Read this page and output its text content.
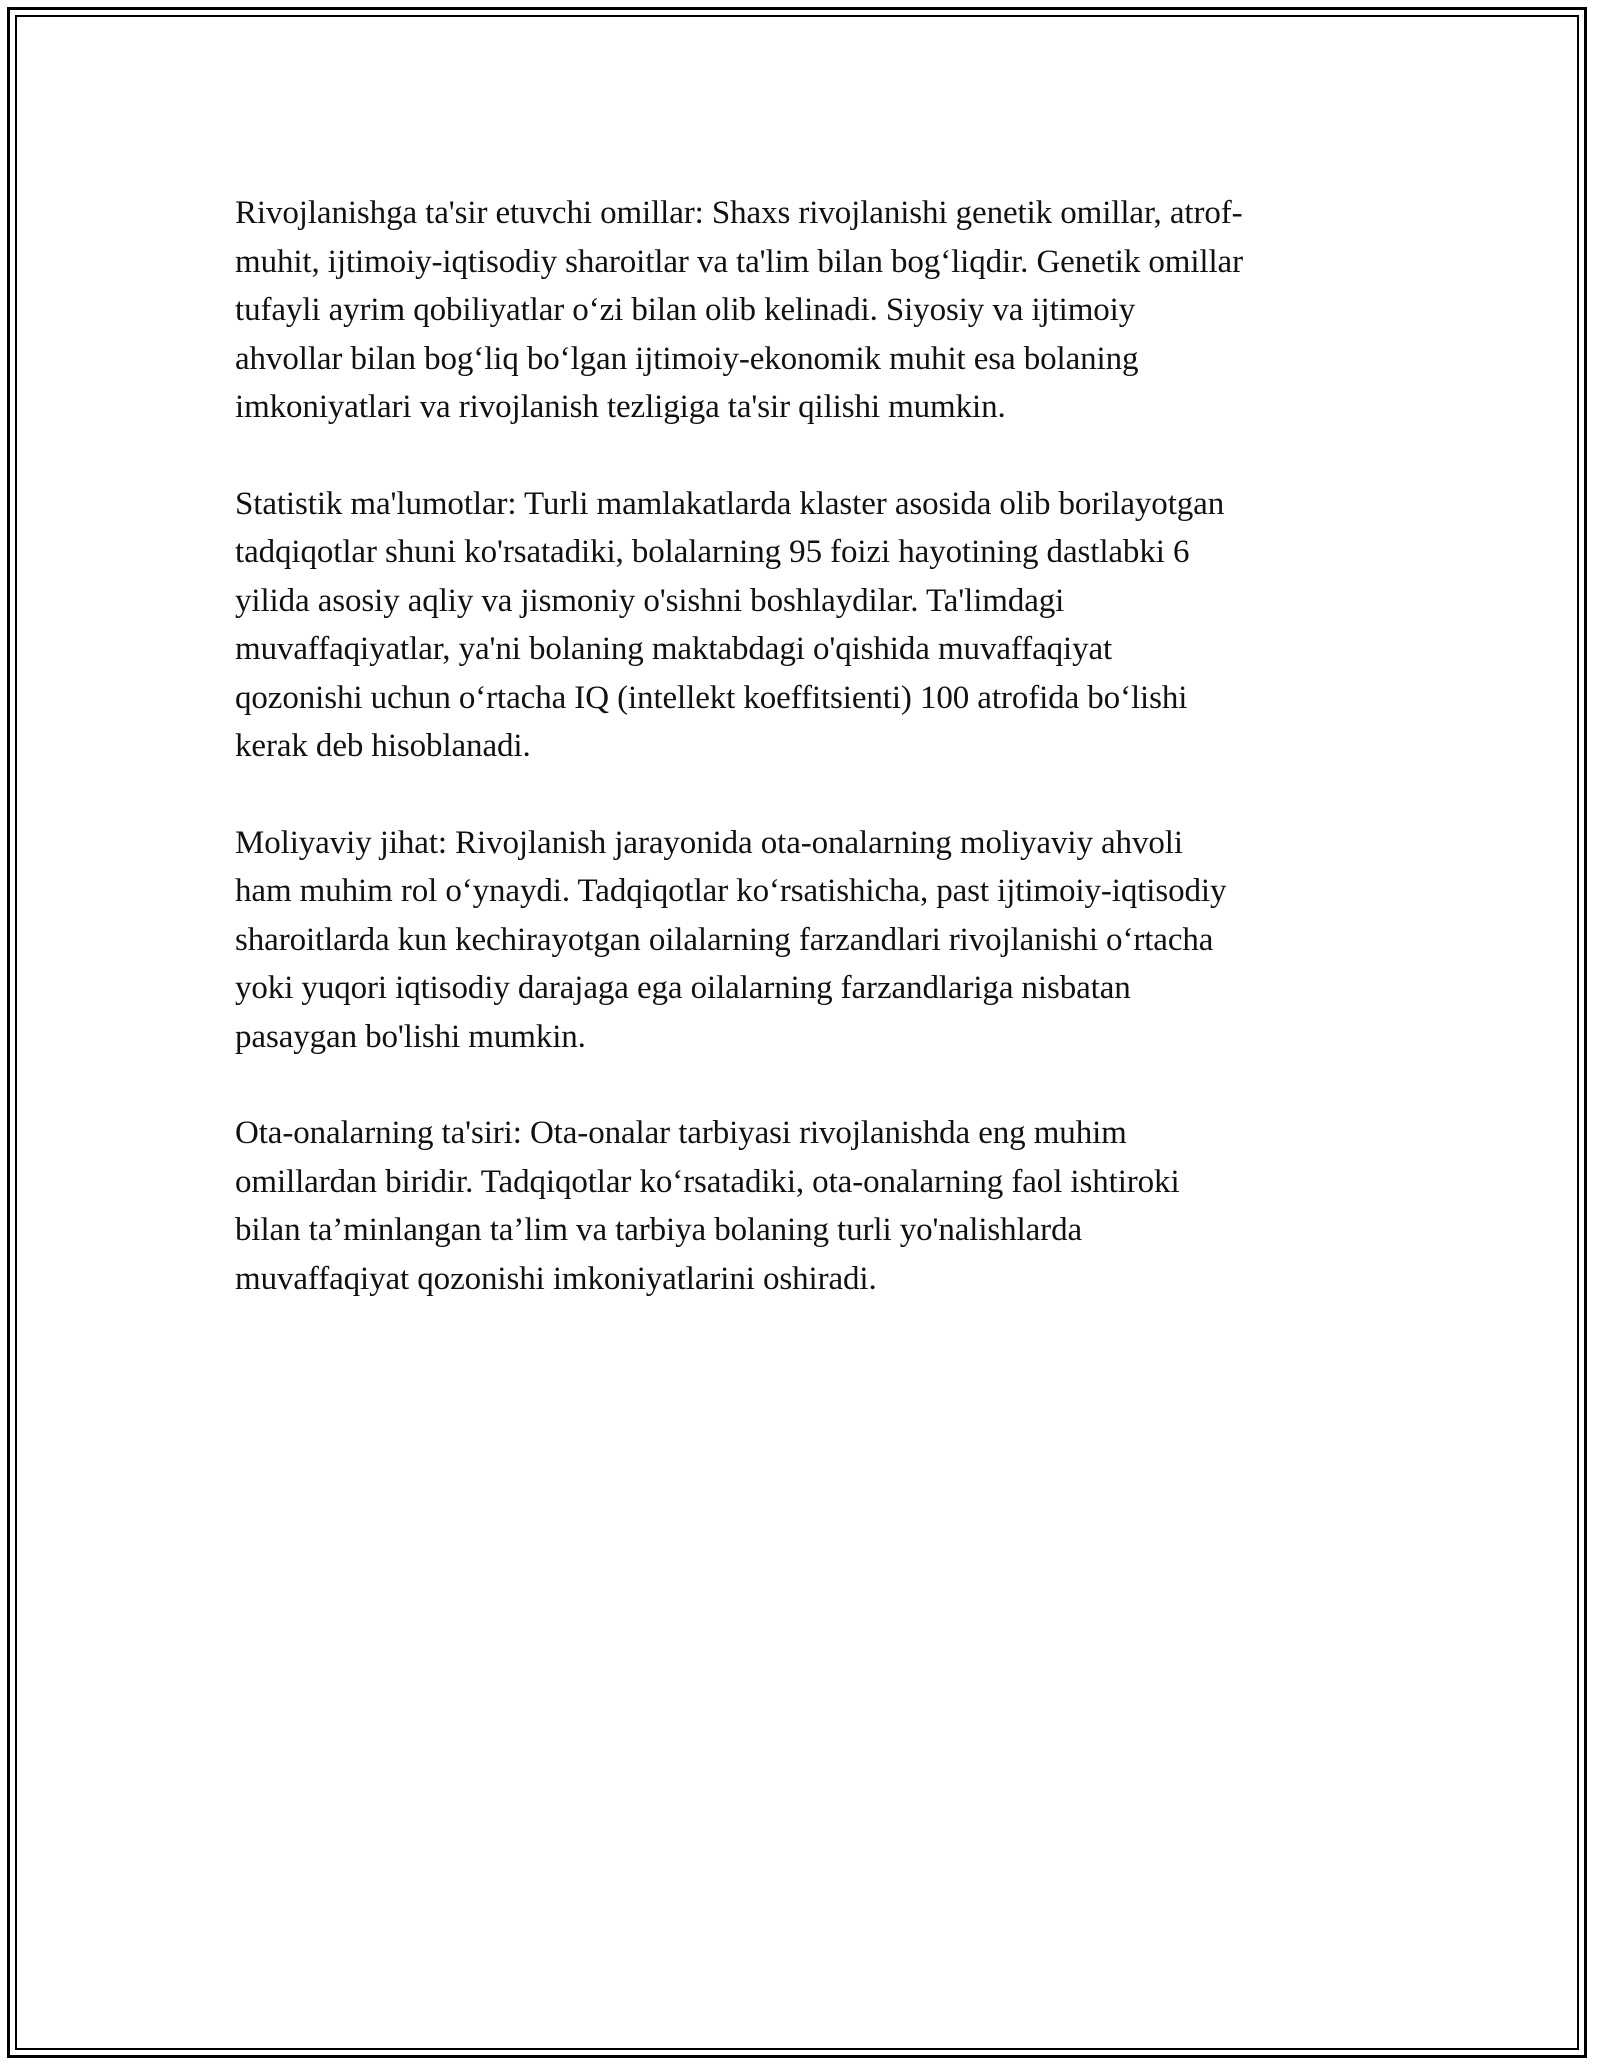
Rivojlanishga ta'sir etuvchi omillar: Shaxs rivojlanishi genetik omillar, atrof-
muhit, ijtimoiy-iqtisodiy sharoitlar va ta'lim bilan bog‘liqdir. Genetik omillar
tufayli ayrim qobiliyatlar o‘zi bilan olib kelinadi. Siyosiy va ijtimoiy
ahvollar bilan bog‘liq bo‘lgan ijtimoiy-ekonomik muhit esa bolaning
imkoniyatlari va rivojlanish tezligiga ta'sir qilishi mumkin.

Statistik ma'lumotlar: Turli mamlakatlarda klaster asosida olib borilayotgan
tadqiqotlar shuni ko'rsatadiki, bolalarning 95 foizi hayotining dastlabki 6
yilida asosiy aqliy va jismoniy o'sishni boshlaydilar. Ta'limdagi
muvaffaqiyatlar, ya'ni bolaning maktabdagi o'qishida muvaffaqiyat
qozonishi uchun o‘rtacha IQ (intellekt koeffitsienti) 100 atrofida bo‘lishi
kerak deb hisoblanadi.

Moliyaviy jihat: Rivojlanish jarayonida ota-onalarning moliyaviy ahvoli
ham muhim rol o‘ynaydi. Tadqiqotlar ko‘rsatishicha, past ijtimoiy-iqtisodiy
sharoitlarda kun kechirayotgan oilalarning farzandlari rivojlanishi o‘rtacha
yoki yuqori iqtisodiy darajaga ega oilalarning farzandlariga nisbatan
pasaygan bo'lishi mumkin.

Ota-onalarning ta'siri: Ota-onalar tarbiyasi rivojlanishda eng muhim
omillardan biridir. Tadqiqotlar ko‘rsatadiki, ota-onalarning faol ishtiroki
bilan ta’minlangan ta’lim va tarbiya bolaning turli yo'nalishlarda
muvaffaqiyat qozonishi imkoniyatlarini oshiradi.
